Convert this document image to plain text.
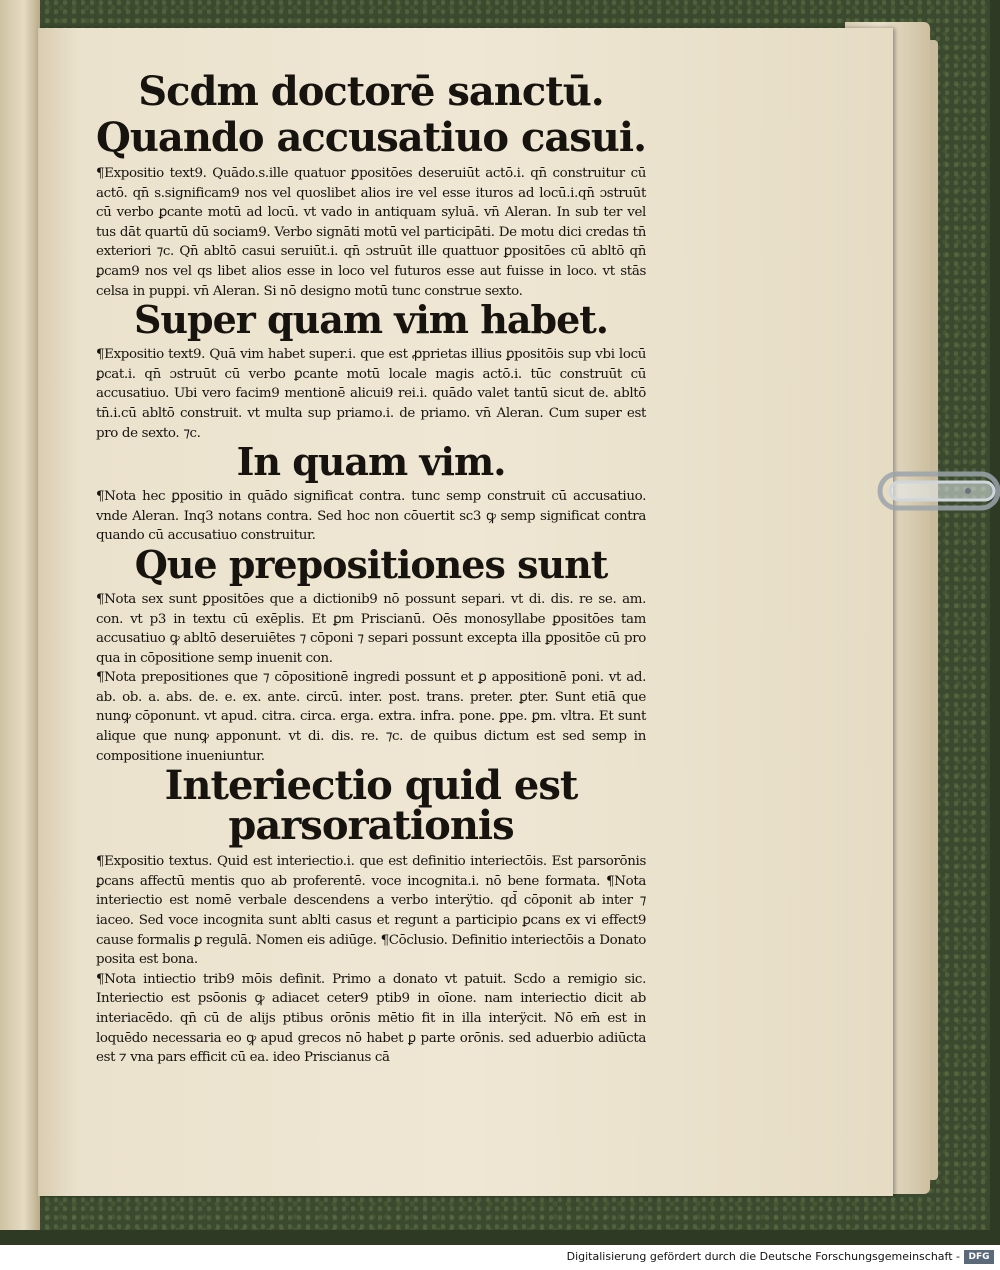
Scdm doctorē sanctū.
Quando accusatiuo casui.

¶Expositio text9. Quādo.s.ille quatuor ꝑpositōes deseruiūt actō.i. qn̄ construitur cū actō. qn̄ s.significam9 nos vel quoslibet alios ire vel esse ituros ad locū.i.qn̄ ɔstruūt cū verbo ꝑcante motū ad locū. vt vado in antiquam syluā. vn̄ Aleran. In sub ter vel tus dāt quartū dū sociam9. Verbo signāti motū vel participāti. De motu dici credas tn̄ exteriori ⁊c. Qn̄ abltō casui seruiūt.i. qn̄ ɔstruūt ille quattuor ꝑpositōes cū abltō qn̄ ꝑcam9 nos vel qs libet alios esse in loco vel futuros esse aut fuisse in loco. vt stās celsa in puppi. vn̄ Aleran. Si nō designo motū tunc construe sexto.

Super quam vim habet.

¶Expositio text9. Quā vim habet super.i. que est ꝓprietas illius ꝑpositōis sup vbi locū ꝑcat.i. qn̄ ɔstruūt cū verbo ꝑcante motū locale magis actō.i. tūc construūt cū accusatiuo. Ubi vero facim9 mentionē alicui9 rei.i. quādo valet tantū sicut de. abltō tn̄.i.cū abltō construit. vt multa sup priamo.i. de priamo. vn̄ Aleran. Cum super est pro de sexto. ⁊c.

In quam vim.

¶Nota hec ꝑpositio in quādo significat contra. tunc semp construit cū accusatiuo. vnde Aleran. Inq3 notans contra. Sed hoc non cōuertit sc3 ꝙ semp significat contra quando cū accusatiuo construitur.

Que prepositiones sunt

¶Nota sex sunt ꝑpositōes que a dictionib9 nō possunt separi. vt di. dis. re se. am. con. vt p3 in textu cū exēplis. Et ꝑm Priscianū. Oēs monosyllabe ꝑpositōes tam accusatiuo ꝙ abltō deseruiētes ⁊ cōponi ⁊ separi possunt excepta illa ꝑpositōe cū pro qua in cōpositione semp inuenit con.

¶Nota prepositiones que ⁊ cōpositionē ingredi possunt et ꝑ appositionē poni. vt ad. ab. ob. a. abs. de. e. ex. ante. circū. inter. post. trans. preter. ꝑter. Sunt etiā que nunꝙ cōponunt. vt apud. citra. circa. erga. extra. infra. pone. ꝑpe. ꝑm. vltra. Et sunt alique que nunꝙ apponunt. vt di. dis. re. ⁊c. de quibus dictum est sed semp in compositione inueniuntur.

Interiectio quid est parsorationis

¶Expositio textus. Quid est interiectio.i. que est definitio interiectōis. Est parsorōnis ꝑcans affectū mentis quo ab proferentē. voce incognita.i. nō bene formata. ¶Nota interiectio est nomē verbale descendens a verbo interÿtio. qd̄ cōponit ab inter ⁊ iaceo. Sed voce incognita sunt ablti casus et regunt a participio ꝑcans ex vi effect9 cause formalis ꝑ regulā. Nomen eis adiūge. ¶Cōclusio. Definitio interiectōis a Donato posita est bona.

¶Nota intiectio trib9 mōis definit. Primo a donato vt patuit. Scdo a remigio sic. Interiectio est psōonis ꝙ adiacet ceter9 ptib9 in oīone. nam interiectio dicit ab interiacēdo. qn̄ cū de alijs ptibus orōnis mētio fit in illa interÿcit. Nō em̄ est in loquēdo necessaria eo ꝙ apud grecos nō habet ꝑ parte orōnis. sed aduerbio adiūcta est ⁊ vna pars efficit cū ea. ideo Priscianus cā

Digitalisierung gefördert durch die Deutsche Forschungsgemeinschaft - DFG
